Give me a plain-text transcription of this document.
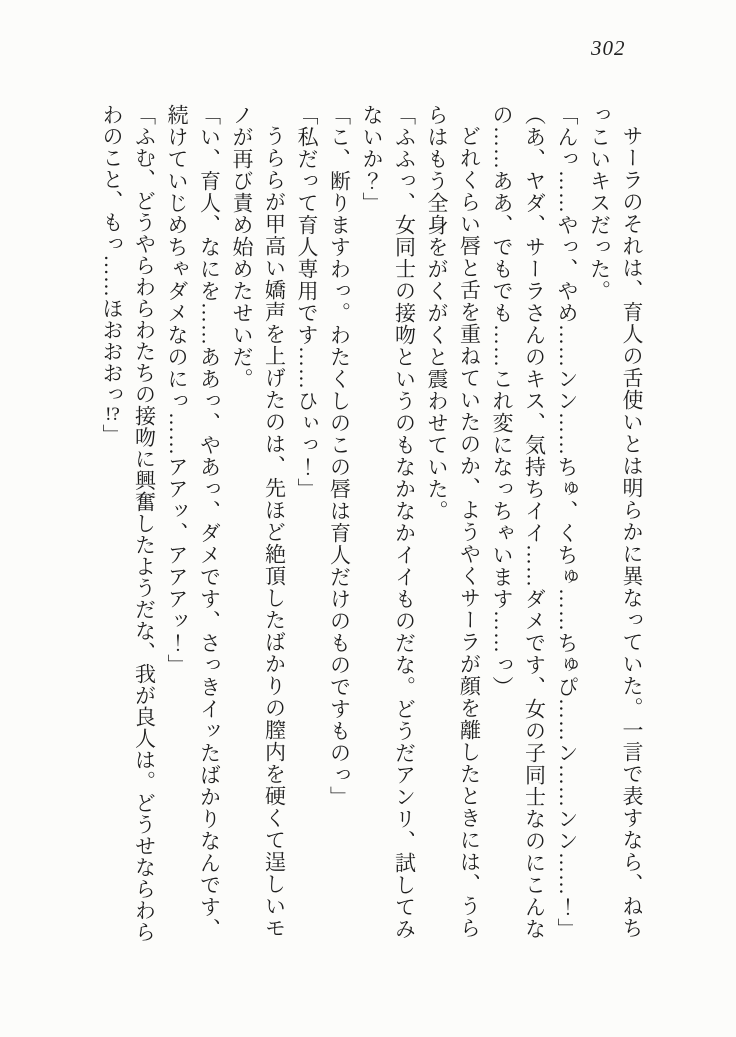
302

サーラのそれは、育人の舌使いとは明らかに異なっていた。一言で表すなら、ねちっこいキスだった。

「んっ……やっ、やめ……ンン……ちゅ、くちゅ……ちゅぴ……ン……ンン……！」

（あ、ヤダ、サーラさんのキス、気持ちイイ……ダメです、女の子同士なのにこんなの……ああ、でもでも……これ変になっちゃいます……っ）

どれくらい唇と舌を重ねていたのか、ようやくサーラが顔を離したときには、うららはもう全身をがくがくと震わせていた。

「ふふっ、女同士の接吻というのもなかなかイイものだな。どうだアンリ、試してみないか？」

「こ、断りますわっ。わたくしのこの唇は育人だけのものですものっ」

「私だって育人専用です……ひぃっ！」

うららが甲高い嬌声を上げたのは、先ほど絶頂したばかりの膣内を硬くて逞しいモノが再び責め始めたせいだ。

「い、育人、なにを……ああっ、やあっ、ダメです、さっきイッたばかりなんです、続けていじめちゃダメなのにっ……アアッ、アアアッ！」

「ふむ、どうやらわらわたちの接吻に興奮したようだな、我が良人は。どうせならわらわのこと、もっ……ほおおおっ!?」
